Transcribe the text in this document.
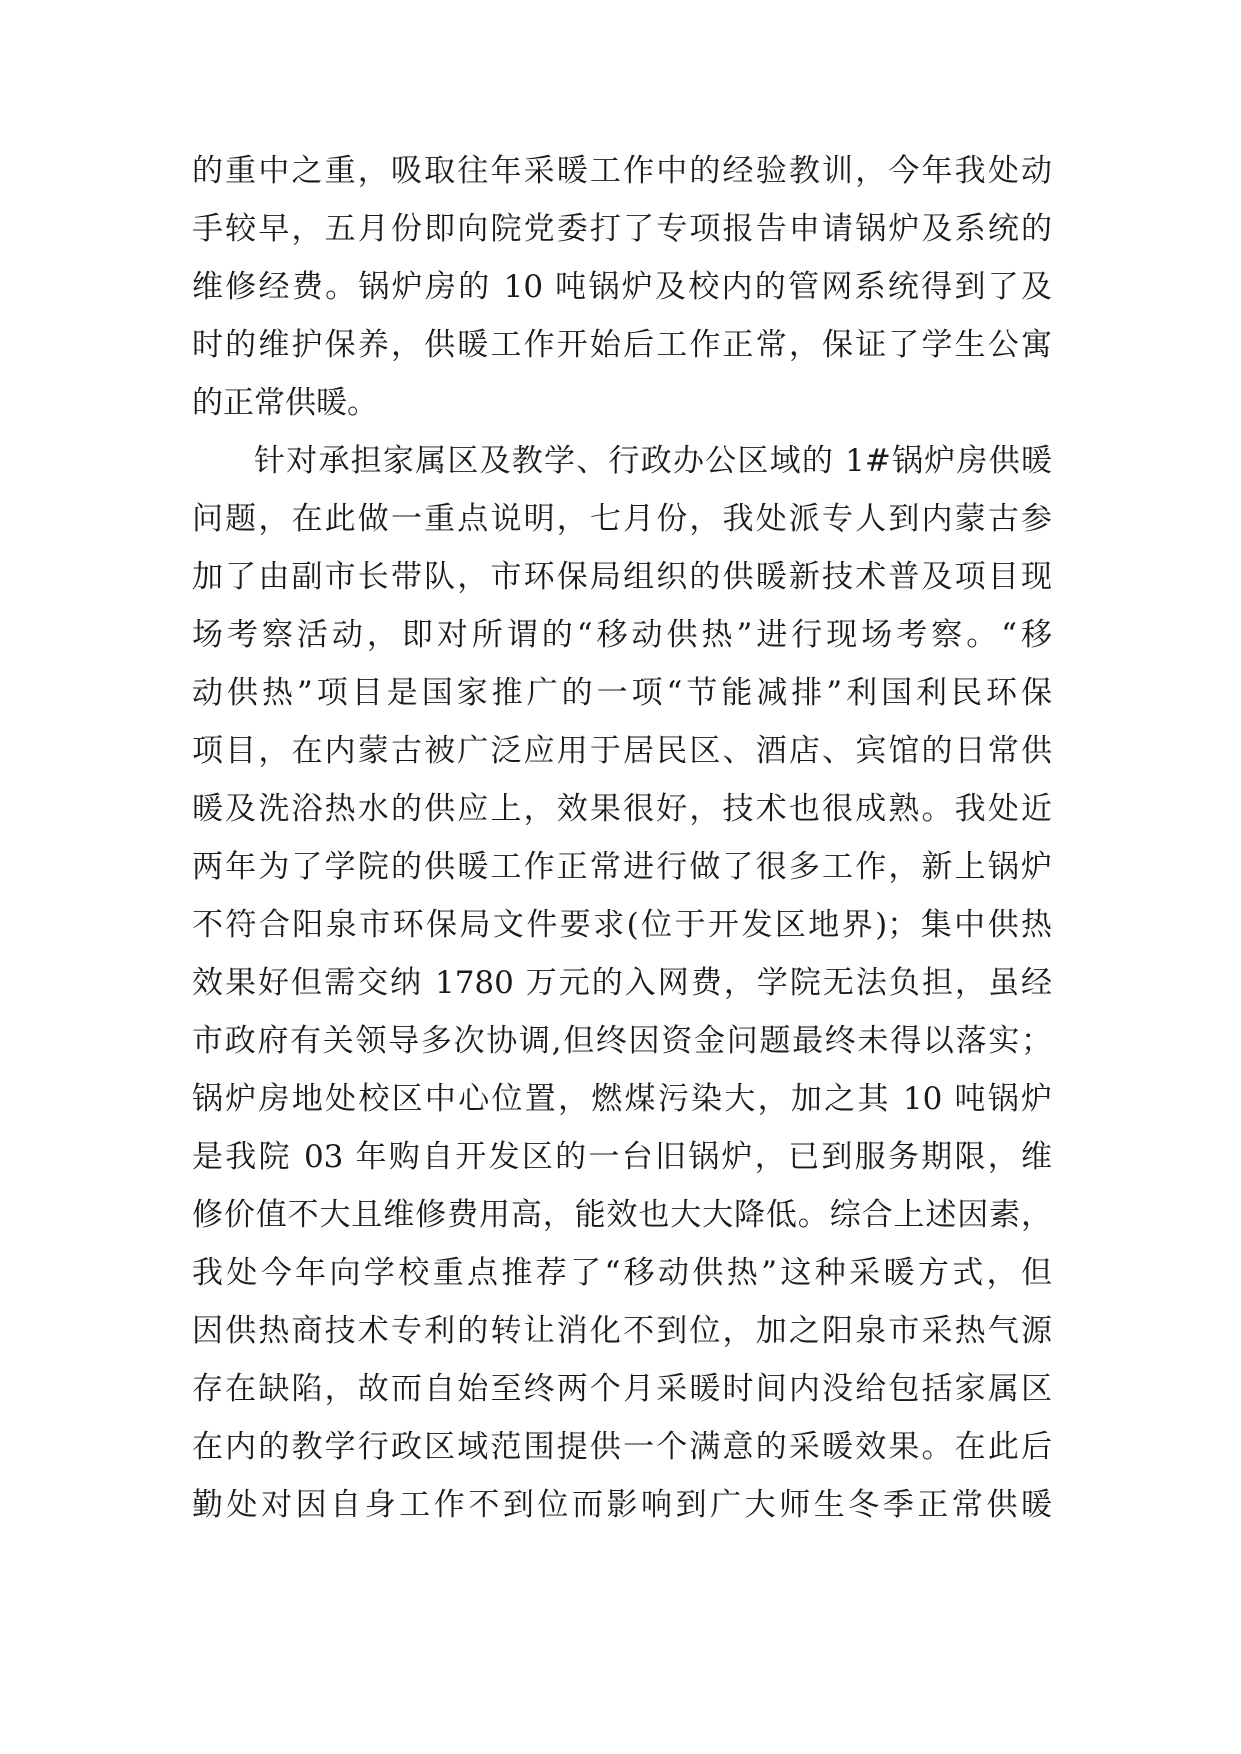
的重中之重，吸取往年采暖工作中的经验教训，今年我处动
手较早，五月份即向院党委打了专项报告申请锅炉及系统的
维修经费。锅炉房的 10 吨锅炉及校内的管网系统得到了及
时的维护保养，供暖工作开始后工作正常，保证了学生公寓
的正常供暖。
针对承担家属区及教学、行政办公区域的 1#锅炉房供暖
问题，在此做一重点说明，七月份，我处派专人到内蒙古参
加了由副市长带队，市环保局组织的供暖新技术普及项目现
场考察活动，即对所谓的“移动供热”进行现场考察。“移
动供热”项目是国家推广的一项“节能减排”利国利民环保
项目，在内蒙古被广泛应用于居民区、酒店、宾馆的日常供
暖及洗浴热水的供应上，效果很好，技术也很成熟。我处近
两年为了学院的供暖工作正常进行做了很多工作，新上锅炉
不符合阳泉市环保局文件要求(位于开发区地界)；集中供热
效果好但需交纳 1780 万元的入网费，学院无法负担，虽经
市政府有关领导多次协调,但终因资金问题最终未得以落实；
锅炉房地处校区中心位置，燃煤污染大，加之其 10 吨锅炉
是我院 03 年购自开发区的一台旧锅炉，已到服务期限，维
修价值不大且维修费用高，能效也大大降低。综合上述因素，
我处今年向学校重点推荐了“移动供热”这种采暖方式，但
因供热商技术专利的转让消化不到位，加之阳泉市采热气源
存在缺陷，故而自始至终两个月采暖时间内没给包括家属区
在内的教学行政区域范围提供一个满意的采暖效果。在此后
勤处对因自身工作不到位而影响到广大师生冬季正常供暖
